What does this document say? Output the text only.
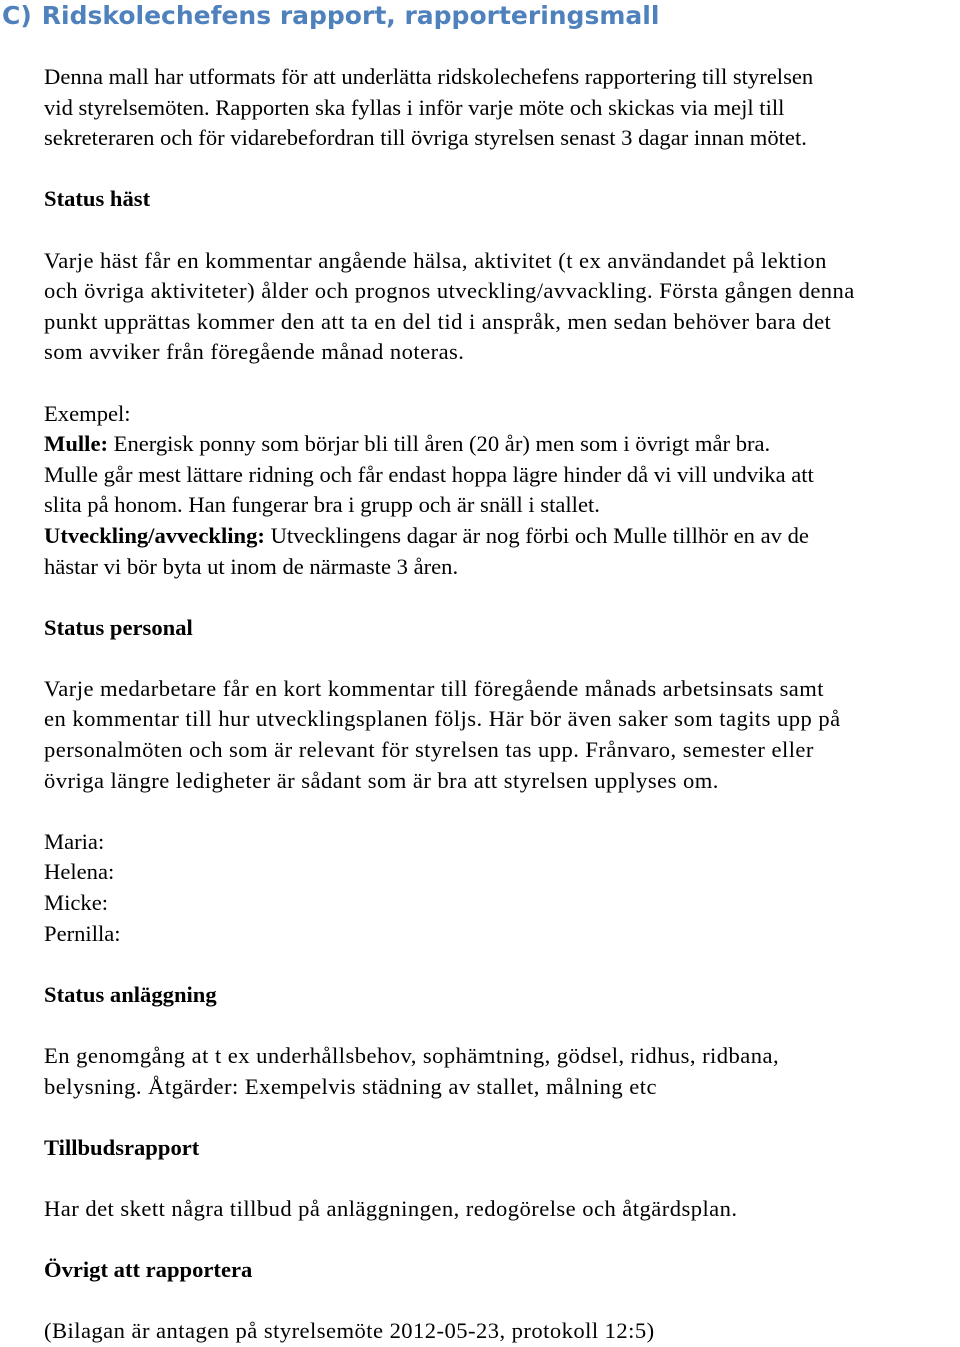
C) Ridskolechefens rapport, rapporteringsmall

Denna mall har utformats för att underlätta ridskolechefens rapportering till styrelsen

vid styrelsemöten. Rapporten ska fyllas i inför varje möte och skickas via mejl till

sekreteraren och för vidarebefordran till övriga styrelsen senast 3 dagar innan mötet.

Status häst

Varje häst får en kommentar angående hälsa, aktivitet (t ex användandet på lektion

och övriga aktiviteter) ålder och prognos utveckling/avvackling. Första gången denna

punkt upprättas kommer den att ta en del tid i anspråk, men sedan behöver bara det

som avviker från föregående månad noteras.

Exempel:

Mulle: Energisk ponny som börjar bli till åren (20 år) men som i övrigt mår bra.

Mulle går mest lättare ridning och får endast hoppa lägre hinder då vi vill undvika att

slita på honom. Han fungerar bra i grupp och är snäll i stallet.

Utveckling/avveckling: Utvecklingens dagar är nog förbi och Mulle tillhör en av de

hästar vi bör byta ut inom de närmaste 3 åren.

Status personal

Varje medarbetare får en kort kommentar till föregående månads arbetsinsats samt

en kommentar till hur utvecklingsplanen följs. Här bör även saker som tagits upp på

personalmöten och som är relevant för styrelsen tas upp. Frånvaro, semester eller

övriga längre ledigheter är sådant som är bra att styrelsen upplyses om.

Maria:

Helena:

Micke:

Pernilla:

Status anläggning

En genomgång at t ex underhållsbehov, sophämtning, gödsel, ridhus, ridbana,

belysning. Åtgärder: Exempelvis städning av stallet, målning etc

Tillbudsrapport

Har det skett några tillbud på anläggningen, redogörelse och åtgärdsplan.

Övrigt att rapportera

(Bilagan är antagen på styrelsemöte 2012-05-23, protokoll 12:5)
